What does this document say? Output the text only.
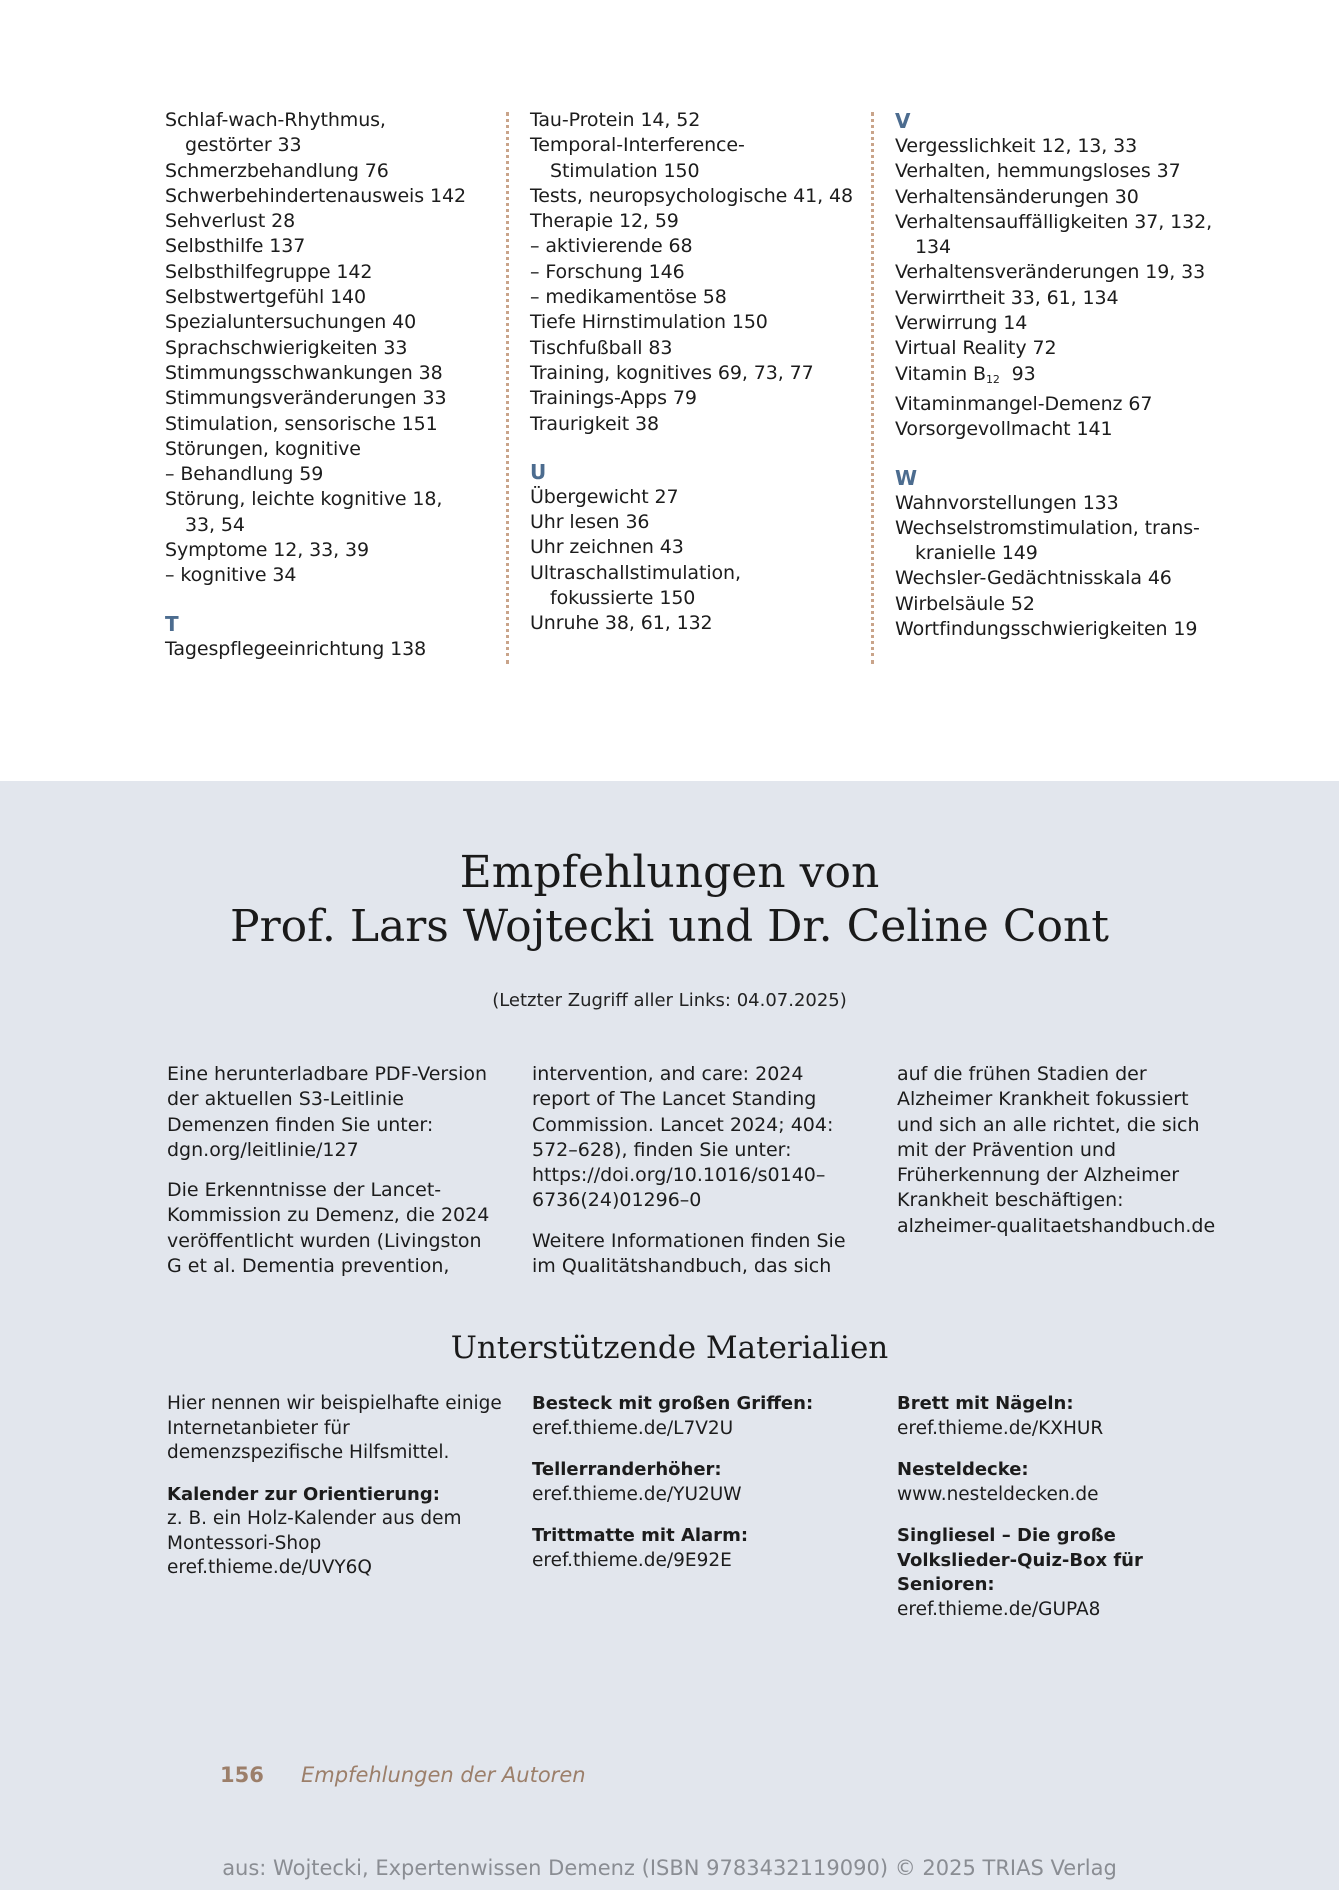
Schlaf-wach-Rhythmus,
gestörter 33
Schmerzbehandlung 76
Schwerbehindertenausweis 142
Sehverlust 28
Selbsthilfe 137
Selbsthilfegruppe 142
Selbstwertgefühl 140
Spezialuntersuchungen 40
Sprachschwierigkeiten 33
Stimmungsschwankungen 38
Stimmungsveränderungen 33
Stimulation, sensorische 151
Störungen, kognitive
– Behandlung 59
Störung, leichte kognitive 18,
33, 54
Symptome 12, 33, 39
– kognitive 34
T
Tagespflegeeinrichtung 138
Tau-Protein 14, 52
Temporal-Interference-
Stimulation 150
Tests, neuropsychologische 41, 48
Therapie 12, 59
– aktivierende 68
– Forschung 146
– medikamentöse 58
Tiefe Hirnstimulation 150
Tischfußball 83
Training, kognitives 69, 73, 77
Trainings-Apps 79
Traurigkeit 38
U
Übergewicht 27
Uhr lesen 36
Uhr zeichnen 43
Ultraschallstimulation,
fokussierte 150
Unruhe 38, 61, 132
V
Vergesslichkeit 12, 13, 33
Verhalten, hemmungsloses 37
Verhaltensänderungen 30
Verhaltensauffälligkeiten 37, 132,
134
Verhaltensveränderungen 19, 33
Verwirrtheit 33, 61, 134
Verwirrung 14
Virtual Reality 72
Vitamin $B_{12}$ 93
Vitaminmangel-Demenz 67
Vorsorgevollmacht 141
W
Wahnvorstellungen 133
Wechselstromstimulation, trans-
kranielle 149
Wechsler-Gedächtnisskala 46
Wirbelsäule 52
Wortfindungsschwierigkeiten 19
Empfehlungen von
Prof. Lars Wojtecki und Dr. Celine Cont
(Letzter Zugriff aller Links: 04.07.2025)

Eine herunterladbare PDF-Version der aktuellen S3-Leitlinie Demenzen finden Sie unter: dgn.org/leitlinie/127

Die Erkenntnisse der Lancet-Kommission zu Demenz, die 2024 veröffentlicht wurden (Livingston G et al. Dementia prevention,

intervention, and care: 2024 report of The Lancet Standing Commission. Lancet 2024; 404: 572–628), finden Sie unter: https://doi.org/10.1016/s0140–6736(24)01296–0

Weitere Informationen finden Sie im Qualitätshandbuch, das sich

auf die frühen Stadien der Alzheimer Krankheit fokussiert und sich an alle richtet, die sich mit der Prävention und Früherkennung der Alzheimer Krankheit beschäftigen: alzheimer-qualitaetshandbuch.de

Unterstützende Materialien
Hier nennen wir beispielhafte einige Internetanbieter für demenzspezifische Hilfsmittel.
Kalender zur Orientierung:
z. B. ein Holz-Kalender aus dem Montessori-Shop
eref.thieme.de/UVY6Q
Besteck mit großen Griffen:
eref.thieme.de/L7V2U
Tellerranderhöher:
eref.thieme.de/YU2UW
Trittmatte mit Alarm:
eref.thieme.de/9E92E
Brett mit Nägeln:
eref.thieme.de/KXHUR
Nesteldecke:
www.nesteldecken.de
Singliesel – Die große Volkslieder-Quiz-Box für Senioren:
eref.thieme.de/GUPA8
156 Empfehlungen der Autoren
aus: Wojtecki, Expertenwissen Demenz (ISBN 9783432119090) © 2025 TRIAS Verlag
